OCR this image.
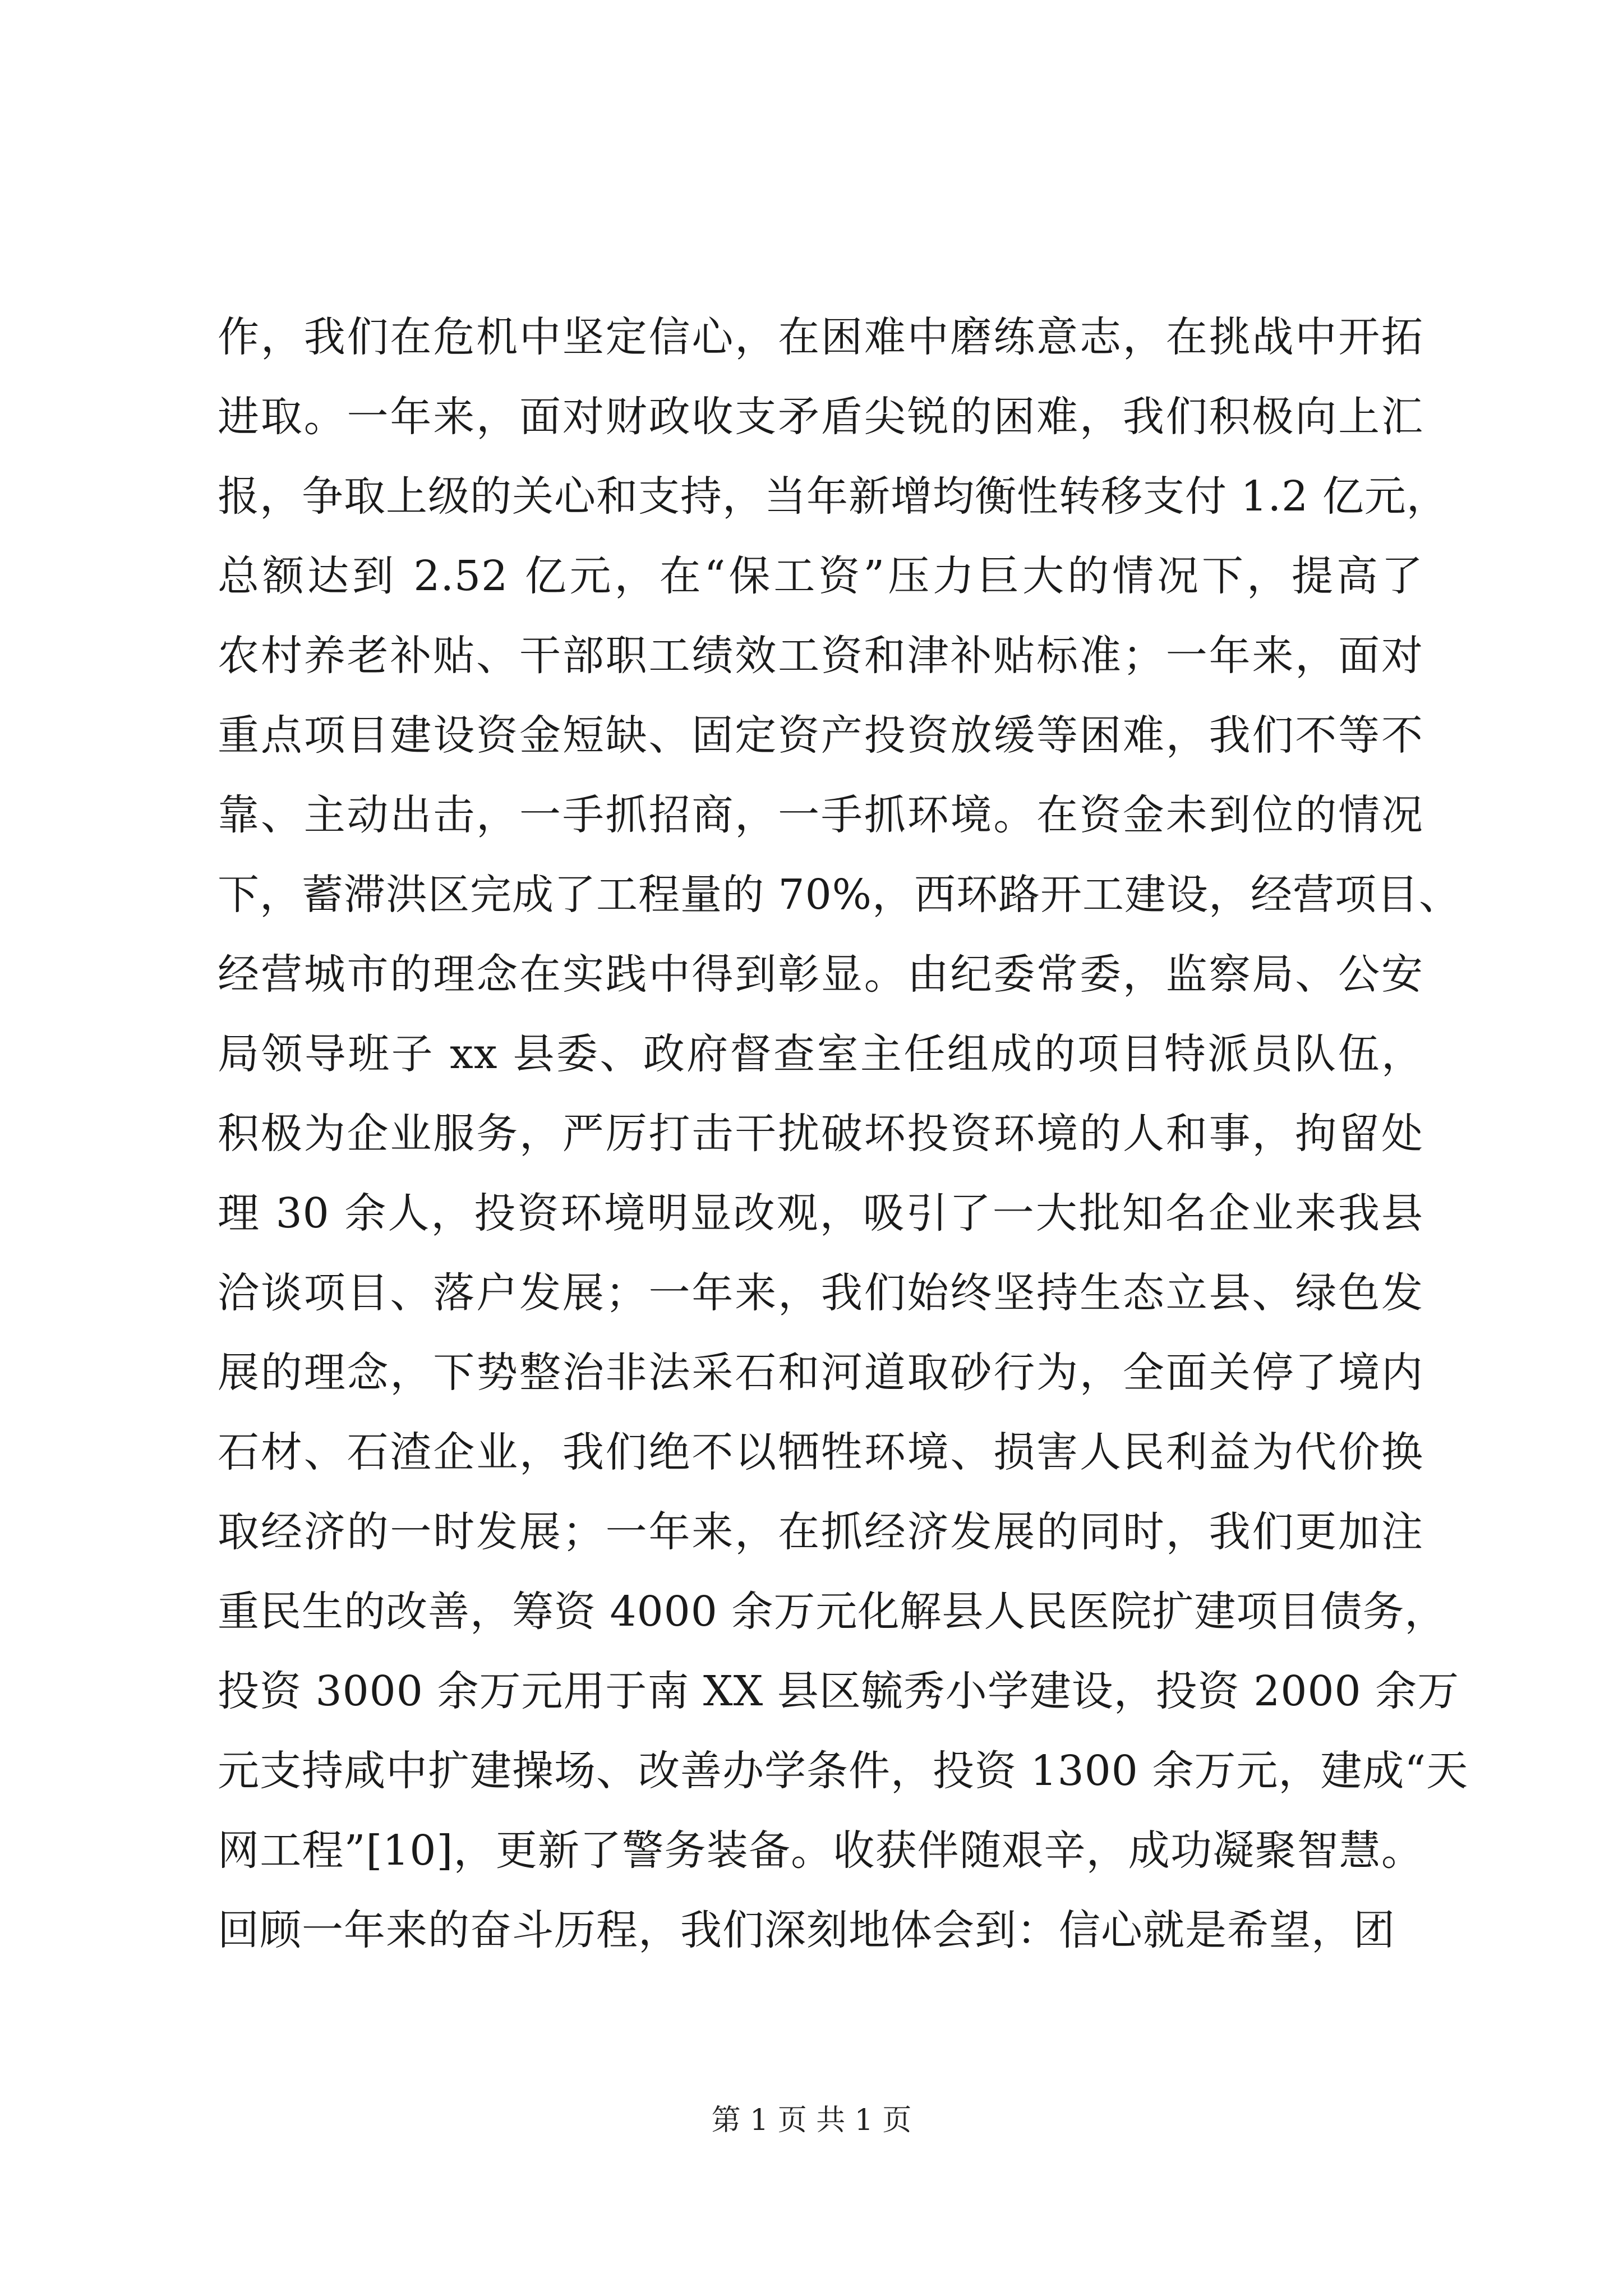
作，我们在危机中坚定信心，在困难中磨练意志，在挑战中开拓
进取。一年来，面对财政收支矛盾尖锐的困难，我们积极向上汇
报，争取上级的关心和支持，当年新增均衡性转移支付 1.2 亿元，
总额达到 2.52 亿元，在“保工资”压力巨大的情况下，提高了
农村养老补贴、干部职工绩效工资和津补贴标准；一年来，面对
重点项目建设资金短缺、固定资产投资放缓等困难，我们不等不
靠、主动出击，一手抓招商，一手抓环境。在资金未到位的情况
下，蓄滞洪区完成了工程量的 70%，西环路开工建设，经营项目、
经营城市的理念在实践中得到彰显。由纪委常委，监察局、公安
局领导班子 xx 县委、政府督查室主任组成的项目特派员队伍，
积极为企业服务，严厉打击干扰破坏投资环境的人和事，拘留处
理 30 余人，投资环境明显改观，吸引了一大批知名企业来我县
洽谈项目、落户发展；一年来，我们始终坚持生态立县、绿色发
展的理念，下势整治非法采石和河道取砂行为，全面关停了境内
石材、石渣企业，我们绝不以牺牲环境、损害人民利益为代价换
取经济的一时发展；一年来，在抓经济发展的同时，我们更加注
重民生的改善，筹资 4000 余万元化解县人民医院扩建项目债务，
投资 3000 余万元用于南 XX 县区毓秀小学建设，投资 2000 余万
元支持咸中扩建操场、改善办学条件，投资 1300 余万元，建成“天
网工程”[10]，更新了警务装备。收获伴随艰辛，成功凝聚智慧。
回顾一年来的奋斗历程，我们深刻地体会到：信心就是希望，团
第 1 页 共 1 页
